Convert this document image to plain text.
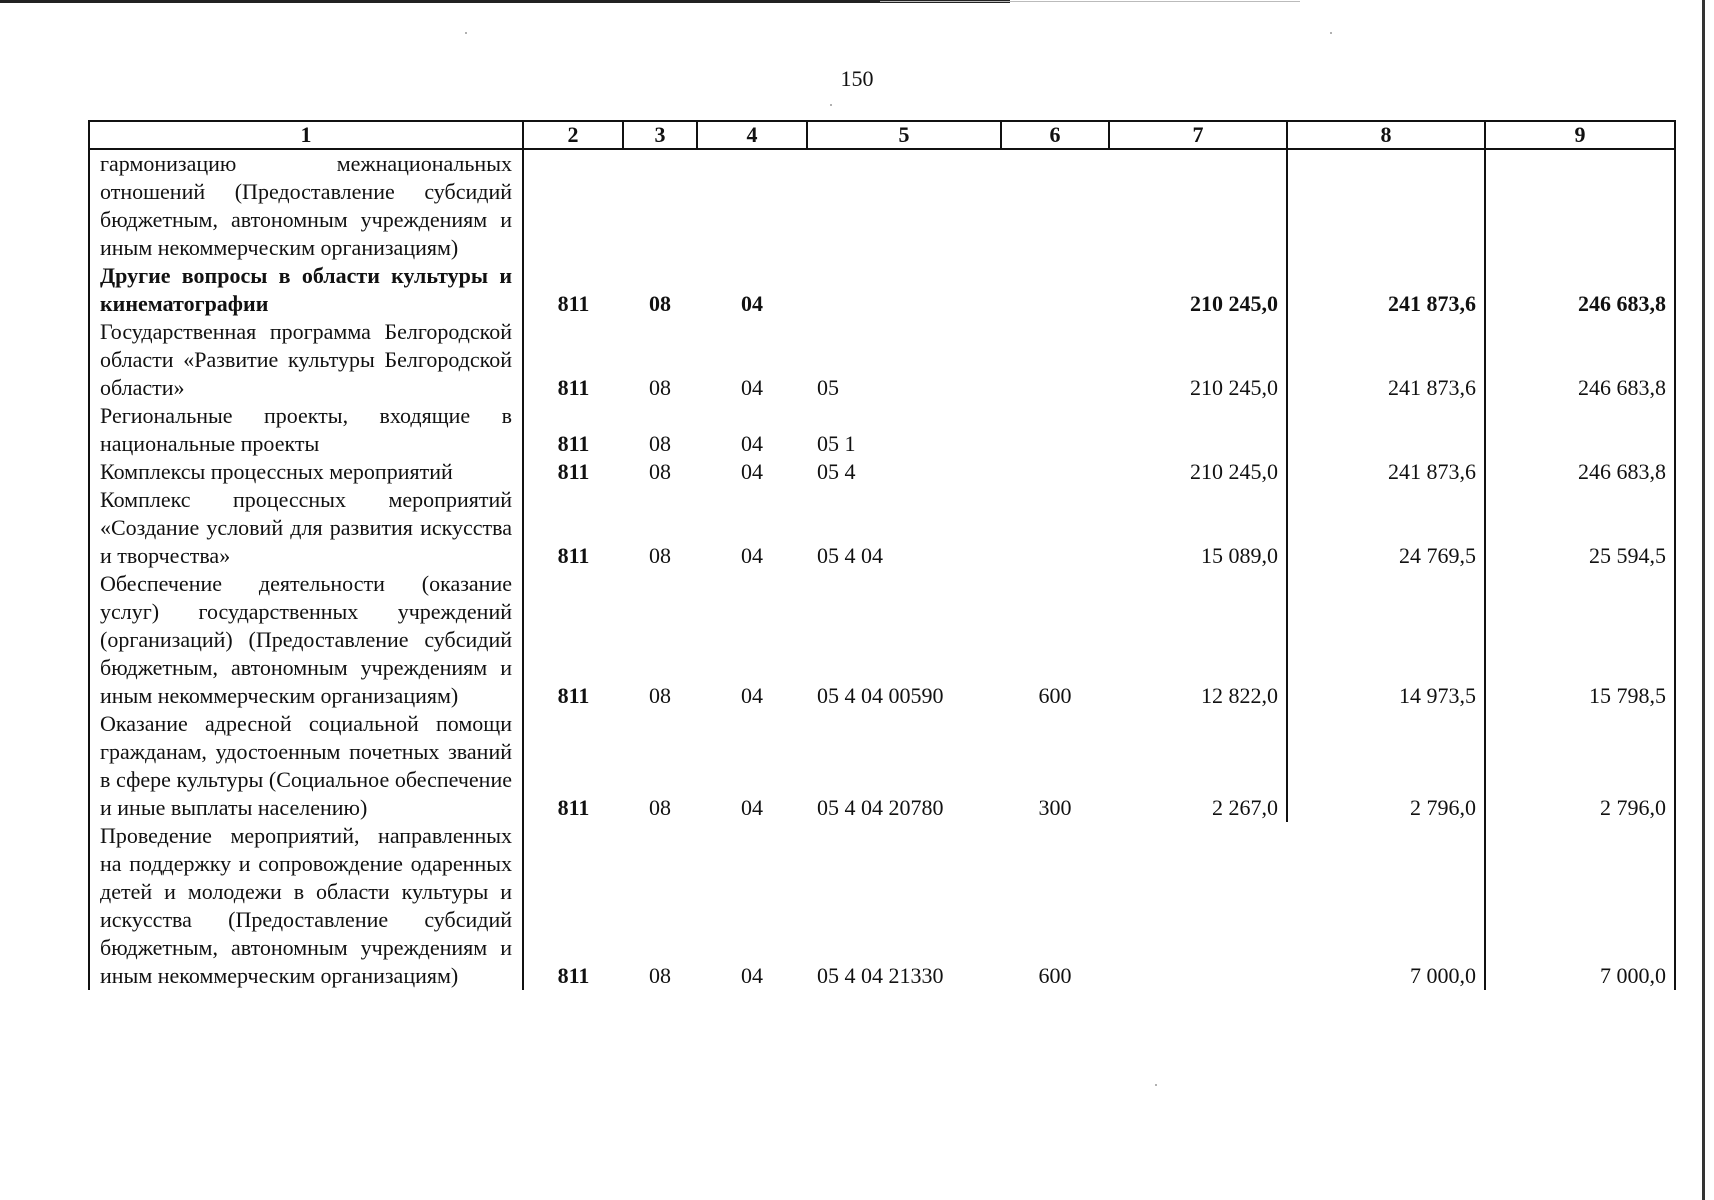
150
1	2	3	4	5	6	7	8	9
гармонизацию межнациональных отношений (Предоставление субсидий бюджетным, автономным учреждениям и иным некоммерческим организациям)								
Другие вопросы в области культуры и кинематографии	811	08	04			210 245,0	241 873,6	246 683,8
Государственная программа Белгородской области «Развитие культуры Белгородской области»	811	08	04	05		210 245,0	241 873,6	246 683,8
Региональные проекты, входящие в национальные проекты	811	08	04	05 1				
Комплексы процессных мероприятий	811	08	04	05 4		210 245,0	241 873,6	246 683,8
Комплекс процессных мероприятий «Создание условий для развития искусства и творчества»	811	08	04	05 4 04		15 089,0	24 769,5	25 594,5
Обеспечение деятельности (оказание услуг) государственных учреждений (организаций) (Предоставление субсидий бюджетным, автономным учреждениям и иным некоммерческим организациям)	811	08	04	05 4 04 00590	600	12 822,0	14 973,5	15 798,5
Оказание адресной социальной помощи гражданам, удостоенным почетных званий в сфере культуры (Социальное обеспечение и иные выплаты населению)	811	08	04	05 4 04 20780	300	2 267,0	2 796,0	2 796,0
Проведение мероприятий, направленных на поддержку и сопровождение одаренных детей и молодежи в области культуры и искусства (Предоставление субсидий бюджетным, автономным учреждениям и иным некоммерческим организациям)	811	08	04	05 4 04 21330	600		7 000,0	7 000,0
